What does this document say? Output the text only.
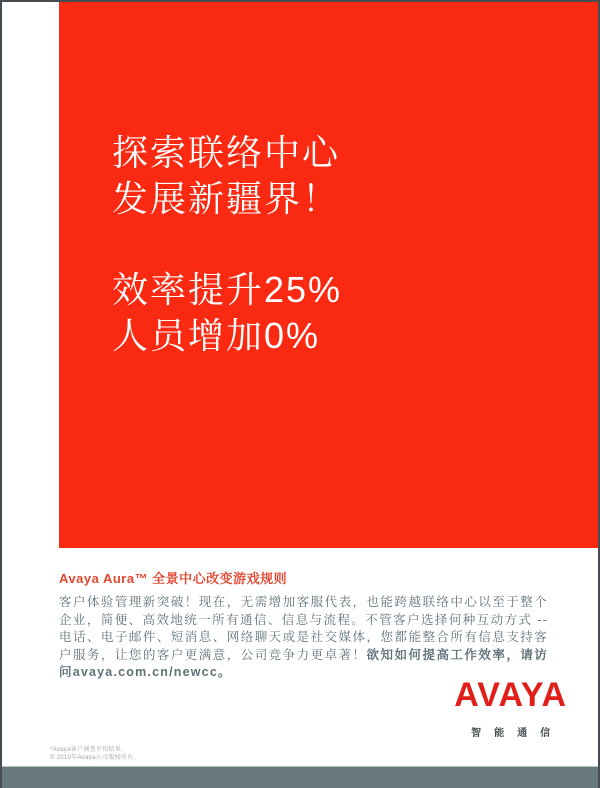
探索联络中心
发展新疆界！
效率提升25%
人员增加0%
Avaya Aura™ 全景中心改变游戏规则

客户体验管理新突破！现在，无需增加客服代表，也能跨越联络中心以至于整个企业，简便、高效地统一所有通信、信息与流程。不管客户选择何种互动方式 -- 电话、电子邮件、短消息、网络聊天或是社交媒体，您都能整合所有信息支持客户服务，让您的客户更满意，公司竞争力更卓著！欲知如何提高工作效率，请访问avaya.com.cn/newcc。

AVAYA
智能通信
*Avaya客户调查平均结果。
© 2010年Avaya公司版权所有。
